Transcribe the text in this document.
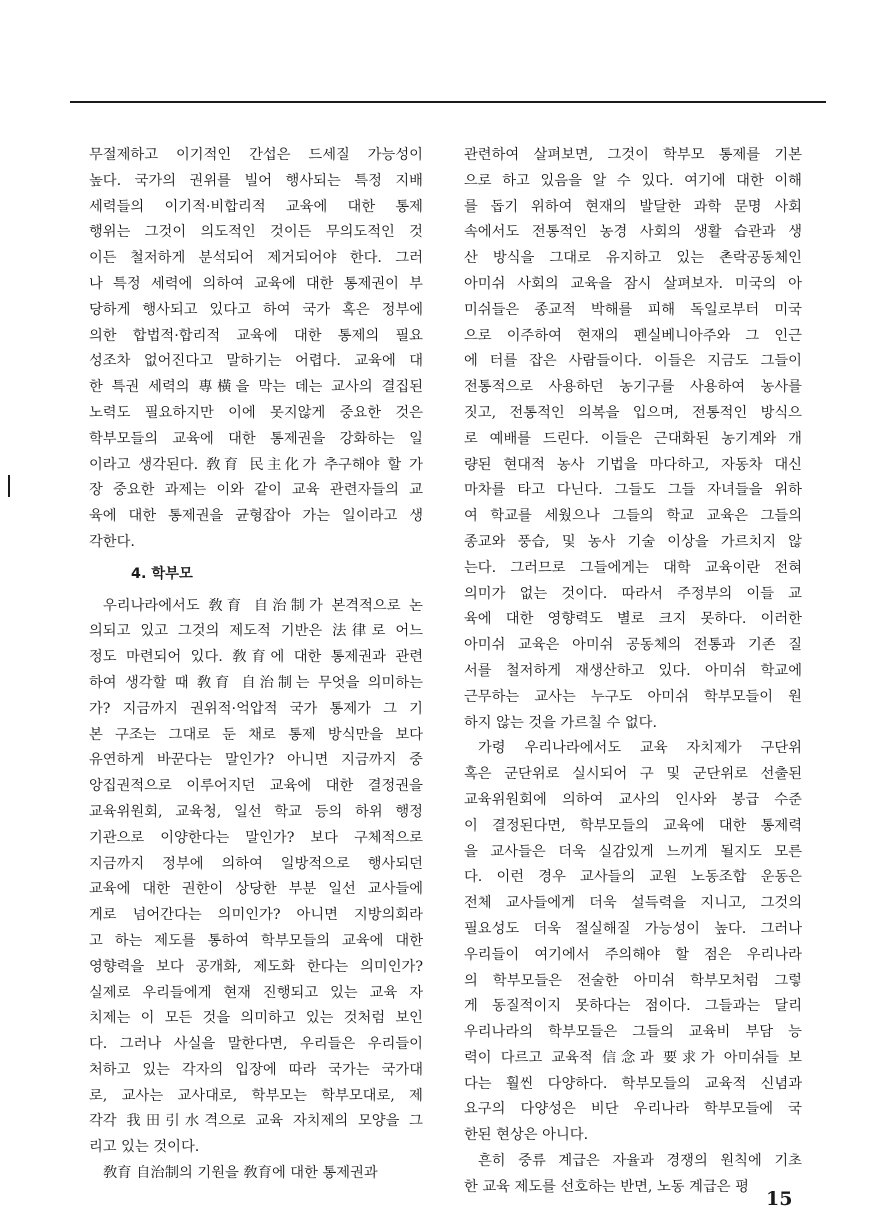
무절제하고 이기적인 간섭은 드세질 가능성이
높다. 국가의 권위를 빌어 행사되는 특정 지배
세력들의 이기적·비합리적 교육에 대한 통제
행위는 그것이 의도적인 것이든 무의도적인 것
이든 철저하게 분석되어 제거되어야 한다. 그러
나 특정 세력에 의하여 교육에 대한 통제권이 부
당하게 행사되고 있다고 하여 국가 혹은 정부에
의한 합법적·합리적 교육에 대한 통제의 필요
성조차 없어진다고 말하기는 어렵다. 교육에 대
한 특권 세력의 專橫을 막는 데는 교사의 결집된
노력도 필요하지만 이에 못지않게 중요한 것은
학부모들의 교육에 대한 통제권을 강화하는 일
이라고 생각된다. 敎育 民主化가 추구해야 할 가
장 중요한 과제는 이와 같이 교육 관련자들의 교
육에 대한 통제권을 균형잡아 가는 일이라고 생
각한다.
4. 학부모
우리나라에서도 敎育 自治制가 본격적으로 논
의되고 있고 그것의 제도적 기반은 法律로 어느
정도 마련되어 있다. 敎育에 대한 통제권과 관련
하여 생각할 때 敎育 自治制는 무엇을 의미하는
가? 지금까지 권위적·억압적 국가 통제가 그 기
본 구조는 그대로 둔 채로 통제 방식만을 보다
유연하게 바꾼다는 말인가? 아니면 지금까지 중
앙집권적으로 이루어지던 교육에 대한 결정권을
교육위원회, 교육청, 일선 학교 등의 하위 행정
기관으로 이양한다는 말인가? 보다 구체적으로
지금까지 정부에 의하여 일방적으로 행사되던
교육에 대한 권한이 상당한 부분 일선 교사들에
게로 넘어간다는 의미인가? 아니면 지방의회라
고 하는 제도를 통하여 학부모들의 교육에 대한
영향력을 보다 공개화, 제도화 한다는 의미인가?
실제로 우리들에게 현재 진행되고 있는 교육 자
치제는 이 모든 것을 의미하고 있는 것처럼 보인
다. 그러나 사실을 말한다면, 우리들은 우리들이
처하고 있는 각자의 입장에 따라 국가는 국가대
로, 교사는 교사대로, 학부모는 학부모대로, 제
각각 我田引水격으로 교육 자치제의 모양을 그
리고 있는 것이다.
敎育 自治制의 기원을 敎育에 대한 통제권과
관련하여 살펴보면, 그것이 학부모 통제를 기본
으로 하고 있음을 알 수 있다. 여기에 대한 이해
를 돕기 위하여 현재의 발달한 과학 문명 사회
속에서도 전통적인 농경 사회의 생활 습관과 생
산 방식을 그대로 유지하고 있는 촌락공동체인
아미쉬 사회의 교육을 잠시 살펴보자. 미국의 아
미쉬들은 종교적 박해를 피해 독일로부터 미국
으로 이주하여 현재의 펜실베니아주와 그 인근
에 터를 잡은 사람들이다. 이들은 지금도 그들이
전통적으로 사용하던 농기구를 사용하여 농사를
짓고, 전통적인 의복을 입으며, 전통적인 방식으
로 예배를 드린다. 이들은 근대화된 농기계와 개
량된 현대적 농사 기법을 마다하고, 자동차 대신
마차를 타고 다닌다. 그들도 그들 자녀들을 위하
여 학교를 세웠으나 그들의 학교 교육은 그들의
종교와 풍습, 및 농사 기술 이상을 가르치지 않
는다. 그러므로 그들에게는 대학 교육이란 전혀
의미가 없는 것이다. 따라서 주정부의 이들 교
육에 대한 영향력도 별로 크지 못하다. 이러한
아미쉬 교육은 아미쉬 공동체의 전통과 기존 질
서를 철저하게 재생산하고 있다. 아미쉬 학교에
근무하는 교사는 누구도 아미쉬 학부모들이 원
하지 않는 것을 가르칠 수 없다.
가령 우리나라에서도 교육 자치제가 구단위
혹은 군단위로 실시되어 구 및 군단위로 선출된
교육위원회에 의하여 교사의 인사와 봉급 수준
이 결정된다면, 학부모들의 교육에 대한 통제력
을 교사들은 더욱 실감있게 느끼게 될지도 모른
다. 이런 경우 교사들의 교원 노동조합 운동은
전체 교사들에게 더욱 설득력을 지니고, 그것의
필요성도 더욱 절실해질 가능성이 높다. 그러나
우리들이 여기에서 주의해야 할 점은 우리나라
의 학부모들은 전술한 아미쉬 학부모처럼 그렇
게 동질적이지 못하다는 점이다. 그들과는 달리
우리나라의 학부모들은 그들의 교육비 부담 능
력이 다르고 교육적 信念과 要求가 아미쉬들 보
다는 훨씬 다양하다. 학부모들의 교육적 신념과
요구의 다양성은 비단 우리나라 학부모들에 국
한된 현상은 아니다.
흔히 중류 계급은 자율과 경쟁의 원칙에 기초
한 교육 제도를 선호하는 반면, 노동 계급은 평
15
